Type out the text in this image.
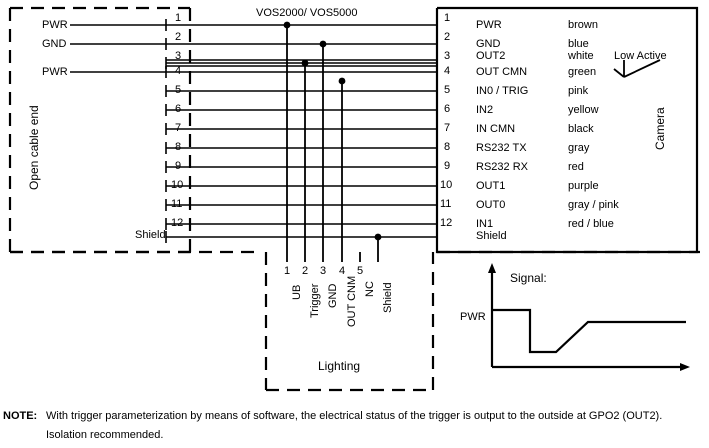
VOS2000/ VOS5000
Open cable end	Camera
PWR
GND
PWR
1
2
3
4
5
6
7
8
9
10
11
12
Shield
1
2
3
4
5
6
7
8
9
10
11
12
PWR
GND
OUT2
OUT CMN
IN0 / TRIG
IN2
IN CMN
RS232 TX
RS232 RX
OUT1
OUT0
IN1
Shield
brown
blue
white
green
pink
yellow
black
gray
red
purple
gray / pink
red / blue
Low Active
1 2 3 4 5
UB Trigger GND OUT CNM NC Shield
Lighting
Signal:
PWR
NOTE: With trigger parameterization by means of software, the electrical status of the trigger is output to the outside at GPO2 (OUT2).
Isolation recommended.
